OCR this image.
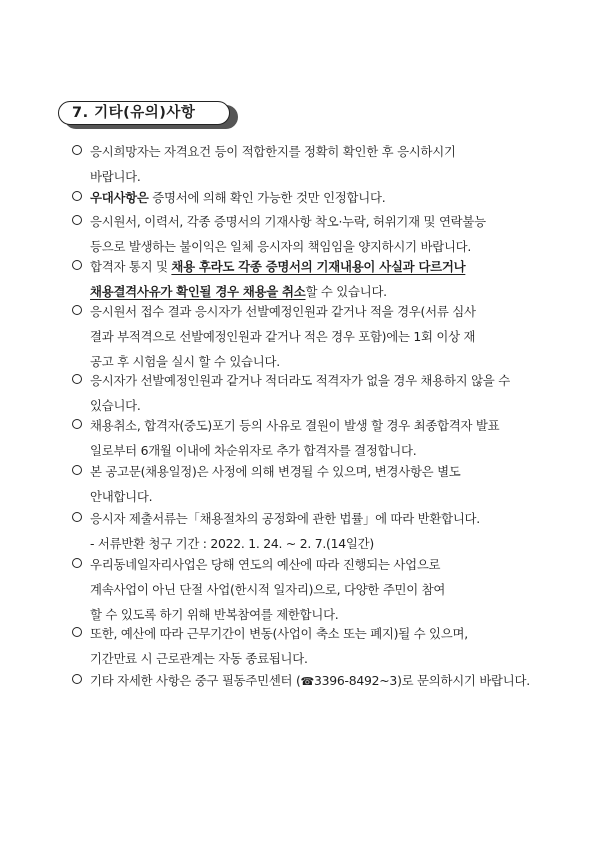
7. 기타(유의)사항
응시희망자는 자격요건 등이 적합한지를 정확히 확인한 후 응시하시기
바랍니다.
우대사항은 증명서에 의해 확인 가능한 것만 인정합니다.
응시원서, 이력서, 각종 증명서의 기재사항 착오·누락, 허위기재 및 연락불능
등으로 발생하는 불이익은 일체 응시자의 책임임을 양지하시기 바랍니다.
합격자 통지 및 채용 후라도 각종 증명서의 기재내용이 사실과 다르거나
채용결격사유가 확인될 경우 채용을 취소할 수 있습니다.
응시원서 접수 결과 응시자가 선발예정인원과 같거나 적을 경우(서류 심사
결과 부적격으로 선발예정인원과 같거나 적은 경우 포함)에는 1회 이상 재
공고 후 시험을 실시 할 수 있습니다.
응시자가 선발예정인원과 같거나 적더라도 적격자가 없을 경우 채용하지 않을 수
있습니다.
채용취소, 합격자(중도)포기 등의 사유로 결원이 발생 할 경우 최종합격자 발표
일로부터 6개월 이내에 차순위자로 추가 합격자를 결정합니다.
본 공고문(채용일정)은 사정에 의해 변경될 수 있으며, 변경사항은 별도
안내합니다.
응시자 제출서류는「채용절차의 공정화에 관한 법률」에 따라 반환합니다.
- 서류반환 청구 기간 : 2022. 1. 24. ~ 2. 7.(14일간)
우리동네일자리사업은 당해 연도의 예산에 따라 진행되는 사업으로
계속사업이 아닌 단절 사업(한시적 일자리)으로, 다양한 주민이 참여
할 수 있도록 하기 위해 반복참여를 제한합니다.
또한, 예산에 따라 근무기간이 변동(사업이 축소 또는 폐지)될 수 있으며,
기간만료 시 근로관계는 자동 종료됩니다.
기타 자세한 사항은 중구 필동주민센터 (☎3396-8492~3)로 문의하시기 바랍니다.
